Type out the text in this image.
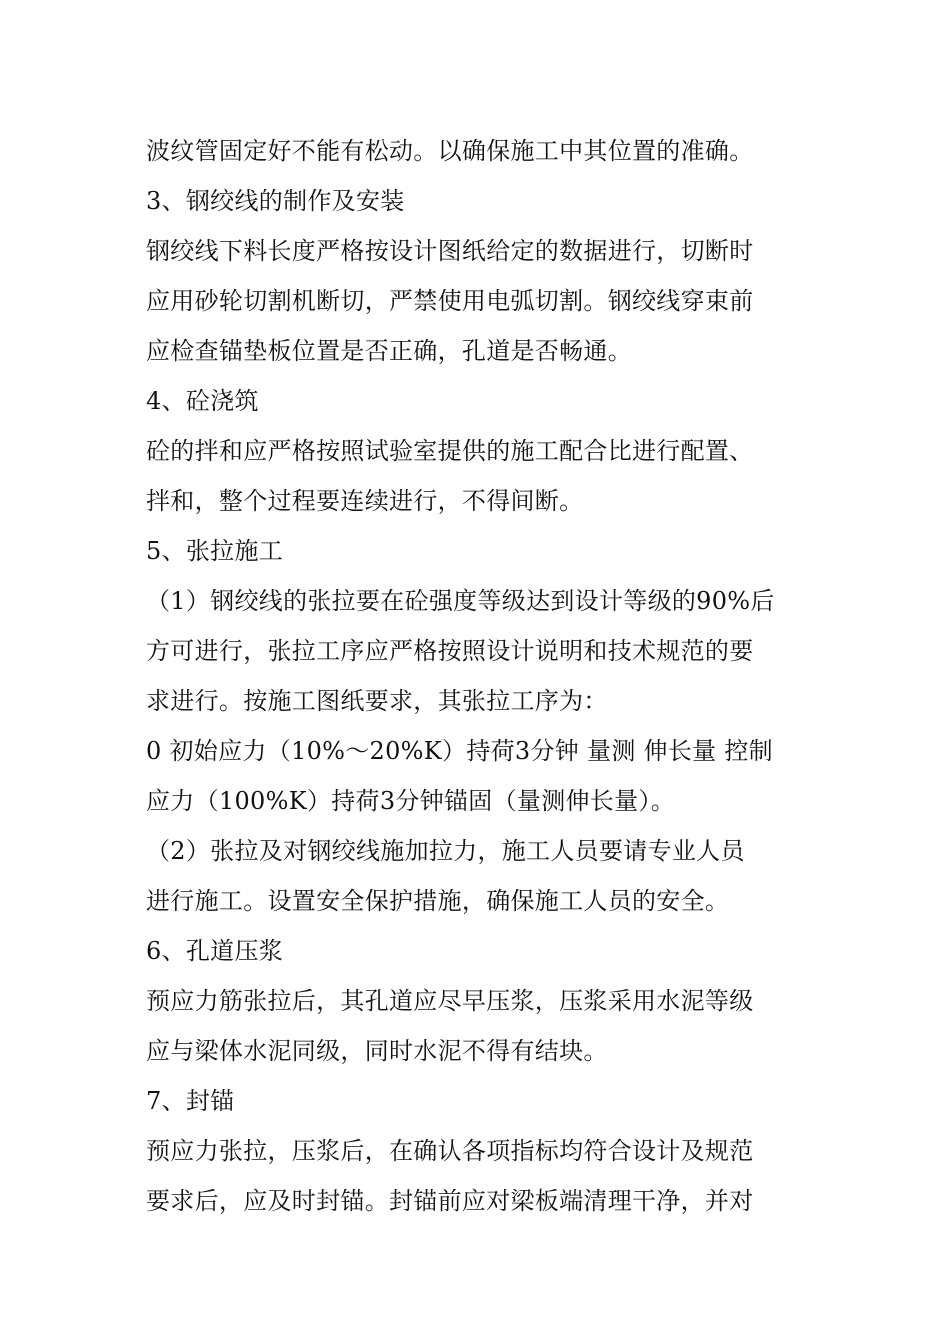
波纹管固定好不能有松动。以确保施工中其位置的准确。
3、钢绞线的制作及安装
钢绞线下料长度严格按设计图纸给定的数据进行，切断时
应用砂轮切割机断切，严禁使用电弧切割。钢绞线穿束前
应检查锚垫板位置是否正确，孔道是否畅通。
4、砼浇筑
砼的拌和应严格按照试验室提供的施工配合比进行配置、
拌和，整个过程要连续进行，不得间断。
5、张拉施工
（1）钢绞线的张拉要在砼强度等级达到设计等级的90%后
方可进行，张拉工序应严格按照设计说明和技术规范的要
求进行。按施工图纸要求，其张拉工序为：
0 初始应力（10%～20%K）持荷3分钟 量测 伸长量 控制
应力（100%K）持荷3分钟锚固（量测伸长量）。
（2）张拉及对钢绞线施加拉力，施工人员要请专业人员
进行施工。设置安全保护措施，确保施工人员的安全。
6、孔道压浆
预应力筋张拉后，其孔道应尽早压浆，压浆采用水泥等级
应与梁体水泥同级，同时水泥不得有结块。
7、封锚
预应力张拉，压浆后，在确认各项指标均符合设计及规范
要求后，应及时封锚。封锚前应对梁板端清理干净，并对
